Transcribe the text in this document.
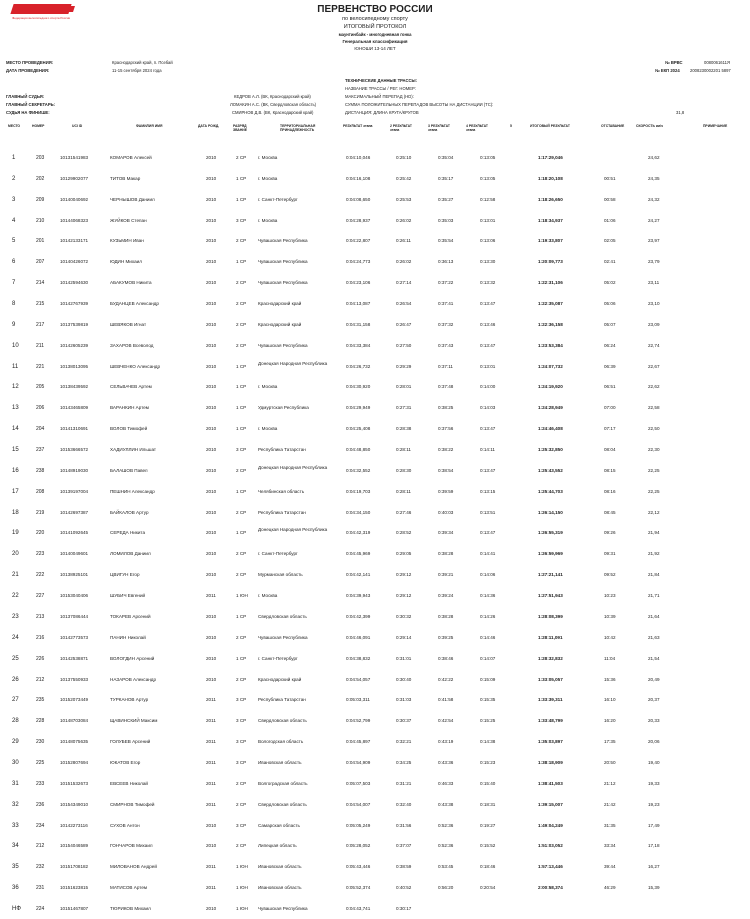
Федерация велосипедного спорта России
ПЕРВЕНСТВО РОССИИ
по велосипедному спорту
ИТОГОВЫЙ ПРОТОКОЛ
маунтинбайк - многодневная гонка
Генеральная классификация
ЮНОШИ 13-14 ЛЕТ
МЕСТО ПРОВЕДЕНИЯ:	Краснодарский край, п. Псебай
ДАТА ПРОВЕДЕНИЯ:	11-15 сентября 2024 года
№ ВРВС	0080061611Я
№ ЕКП 2024 2008230002201 5897
ТЕХНИЧЕСКИЕ ДАННЫЕ ТРАССЫ:
НАЗВАНИЕ ТРАССЫ / РЕГ. НОМЕР:
МАКСИМАЛЬНЫЙ ПЕРЕПАД (HD):
СУММА ПОЛОЖИТЕЛЬНЫХ ПЕРЕПАДОВ ВЫСОТЫ НА ДИСТАНЦИИ (TC):
ДИСТАНЦИЯ: ДЛИНА КРУГА/КРУГОВ	31,8
ГЛАВНЫЙ СУДЬЯ:	КЕДРОВ А.Л. (ВК, Краснодарский край)
ГЛАВНЫЙ СЕКРЕТАРЬ:	ЛОМАКИН А.С. (ВК, Свердловская область)
СУДЬЯ НА ФИНИШЕ:	СМИРНОВ Д.В. (ВК, Краснодарский край)
МЕСТО	НОМЕР	UCI ID	ФАМИЛИЯ ИМЯ	ДАТА РОЖД.	РАЗРЯД ЗВАНИЕ
ТЕРРИТОРИАЛЬНАЯ ПРИНАДЛЕЖНОСТЬ
РЕЗУЛЬТАТ этапа	2 РЕЗУЛЬТАТ этапа
3 РЕЗУЛЬТАТ этапа
4 РЕЗУЛЬТАТ этапа
5	ИТОГОВЫЙ РЕЗУЛЬТАТ	ОТСТАВАНИЕ	СКОРОСТЬ км/ч	ПРИМЕЧАНИЕ
1	203	10131541983	КОМАРОВ Алексей	2010	2 СР	г. Москва	0:04:10,046	0:25:10	0:35:04	0:13:05	1:17:29,046	24,62
2	202	10129902077	ТИТОВ Макар	2010	1 СР	г. Москва	0:04:16,108	0:25:42	0:35:17	0:13:05	1:18:20,108	00:51	24,35
3	209	10140040692	ЧЕРНЫШОВ Даниил	2010	1 СР	г. Санкт-Петербург	0:04:08,650	0:25:53	0:35:27	0:12:58	1:18:26,650	00:58	24,32
4	210	10144068323	ЖУЙКОВ Степан	2010	3 СР	г. Москва	0:04:28,937	0:26:02	0:35:03	0:13:01	1:18:34,937	01:06	24,27
5	201	10142133171	КУЗЬМИН Иван	2010	2 СР	Чувашская Республика	0:04:22,807	0:26:11	0:35:54	0:13:06	1:19:33,807	02:05	23,97
6	207	10140426072	ЮДИН Михаил	2010	1 СР	Чувашская Республика	0:04:24,773	0:26:02	0:36:13	0:13:30	1:20:09,773	02:41	23,79
7	214	10142594630	АБАКУМОВ Никита	2010	2 СР	Чувашская Республика	0:04:23,106	0:27:14	0:37:22	0:13:32	1:22:31,106	05:02	23,11
8	215	10142767939	БУДАНЦЕВ Александр	2010	2 СР	Краснодарский край	0:04:13,087	0:26:54	0:37:41	0:13:47	1:22:35,087	05:06	23,10
9	217	10137539819	ШЕВЯКОВ Игнат	2010	2 СР	Краснодарский край	0:04:31,158	0:26:47	0:37:32	0:13:46	1:22:36,158	05:07	23,09
10	211	10142605239	ЗАХАРОВ Всеволод	2010	2 СР	Чувашская Республика	0:04:33,384	0:27:50	0:37:43	0:13:47	1:23:53,384	06:24	22,74
11	221	10138013095	ШЕВЧЕНКО Александр	2010	1 СР
Донецкая Народная Республика
0:04:26,732	0:29:29	0:37:11	0:13:01	1:24:07,732	06:39	22,67
12	205	10138439592	СЕЛЬВАЧЕВ Артем	2010	1 СР	г. Москва	0:04:30,920	0:28:01	0:37:48	0:14:00	1:24:19,920	06:51	22,62
13	206	10143465809	ВАРАНКИН Артем	2010	1 СР	Удмуртская Республика	0:04:29,949	0:27:31	0:38:25	0:14:03	1:24:28,949	07:00	22,58
14	204	10141310691	ВОЛОВ Тимофей	2010	1 СР	г. Москва	0:04:25,408	0:28:38	0:37:56	0:13:47	1:24:46,408	07:17	22,50
15	237	10153666572	ХАДИУЛЛИН Ильшат	2010	3 СР	Республика Татарстан	0:04:48,850	0:28:11	0:38:22	0:14:11	1:25:32,850	08:04	22,30
16	238	10148919030	БАЛАШОВ Павел	2010	2 СР
Донецкая Народная Республика
0:04:32,552	0:28:30	0:38:54	0:13:47	1:25:43,552	08:15	22,25
17	208	10139197004	ПЕШНИН Александр	2010	1 СР	Челябинская область	0:04:19,703	0:28:11	0:39:59	0:13:15	1:25:44,703	08:16	22,25
18	219	10142697387	БАЙКАЛОВ Артур	2010	2 СР	Республика Татарстан	0:04:34,150	0:27:46	0:40:03	0:13:51	1:26:14,150	08:45	22,12
19	220	10141092645	СЕРЕДА Никита	2010	1 СР
Донецкая Народная Республика
0:04:42,319	0:28:52	0:39:34	0:13:47	1:26:55,319	09:26	21,94
20	223	10140049601	ЛОМИЛОВ Даниил	2010	2 СР	г. Санкт-Петербург	0:04:45,969	0:29:05	0:38:28	0:14:41	1:26:59,969	09:31	21,92
21	222	10138925101	ЦВИГУН Егор	2010	2 СР	Мурманская область	0:04:42,141	0:29:12	0:39:21	0:14:06	1:27:21,141	09:52	21,84
22	227	10153040406	ШУБИЧ Евгений	2011	1 ЮН г. Москва	0:04:39,943	0:29:12	0:39:24	0:14:36	1:27:51,943	10:23	21,71
23	213	10137086444	ТОКАРЕВ Арсений	2010	1 СР	Свердловская область	0:04:42,399	0:30:32	0:38:28	0:14:26	1:28:08,399	10:39	21,64
24	216	10142773573	ПАНИН Николай	2010	2 СР	Чувашская Республика	0:04:46,091	0:29:14	0:39:25	0:14:46	1:28:11,091	10:42	21,63
25	226	10142538871	ВОЛОГДИН Арсений	2010	1 СР	г. Санкт-Петербург	0:04:38,832	0:31:01	0:38:46	0:14:07	1:28:32,832	11:04	21,54
26	212	10137550933	НАЗАРОВ Александр	2010	2 СР	Краснодарский край	0:04:54,057	0:30:40	0:42:22	0:15:09	1:33:05,057	15:36	20,49
27	235	10152073449	ТУРКАНОВ Артур	2011	3 СР	Республика Татарстан	0:05:03,311	0:31:03	0:41:58	0:15:35	1:33:39,311	16:10	20,37
28	228	10148703084	ЩАВИНСКИЙ Максим	2011	3 СР	Свердловская область	0:04:52,799	0:30:37	0:42:54	0:15:25	1:33:48,799	16:20	20,33
29	230	10148075635	ГОЛУБЕВ Арсений	2011	3 СР	Вологодская область	0:04:45,897	0:32:21	0:43:19	0:14:38	1:35:03,897	17:35	20,06
30	225	10152807694	ЮКАТОВ Егор	2011	3 СР	Ивановская область	0:04:54,909	0:34:25	0:43:36	0:15:23	1:38:18,909	20:50	19,40
31	233	10151532673	ЕВСЕЕВ Николай	2011	2 СР	Волгоградская область	0:05:07,503	0:31:21	0:46:33	0:15:40	1:38:41,503	21:12	19,33
32	236	10154349010	СМИРНОВ Тимофей	2011	2 СР	Свердловская область	0:04:54,007	0:32:40	0:43:38	0:18:31	1:39:15,007	21:42	19,23
33	234	10142273116	СУХОВ Антон	2010	3 СР	Самарская область	0:05:05,249	0:31:56	0:52:36	0:19:27	1:49:04,249	31:35	17,49
34	212	10154046589	ГОНЧАРОВ Михаил	2010	2 СР	Липецкая область	0:05:28,052	0:37:07	0:52:36	0:15:52	1:51:03,052	33:34	17,18
35	232	10151708182	МИЛОВАНОВ Андрей	2011	1 ЮН Ивановская область	0:05:43,446	0:38:59	0:53:45	0:18:46	1:57:13,446	39:44	16,27
36	231	10151623815	МАТИСОВ Артем	2011	1 ЮН Ивановская область	0:05:52,374	0:40:52	0:56:20	0:20:54	2:00:58,374	46:29	15,39
НФ	224	10151467807	ТЮРИКОВ Михаил	2010	1 ЮН Чувашская Республика	0:04:43,741	0:30:17
